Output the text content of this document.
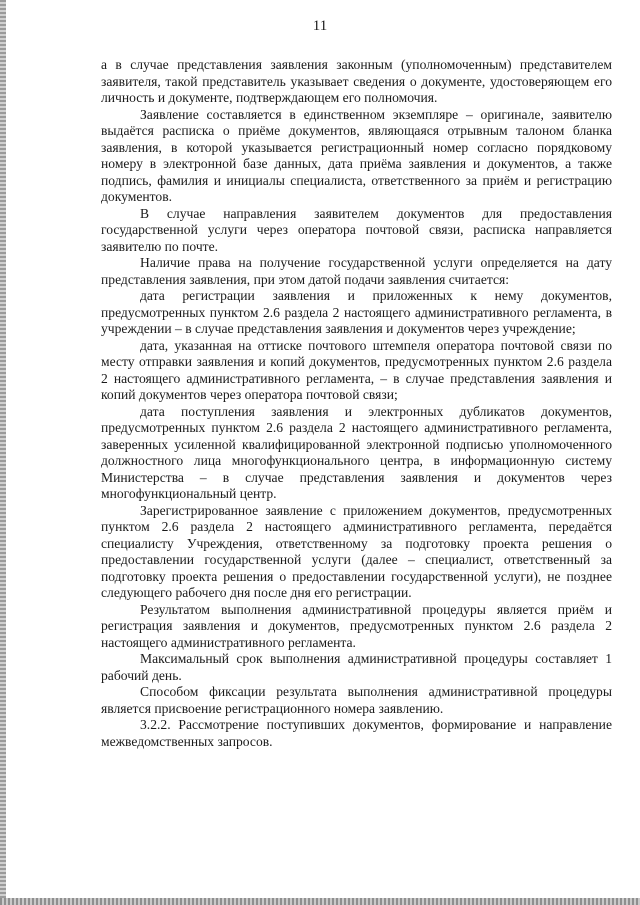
11

а в случае представления заявления законным (уполномоченным) представителем заявителя, такой представитель указывает сведения о документе, удостоверяющем его личность и документе, подтверждающем его полномочия.

Заявление составляется в единственном экземпляре – оригинале, заявителю выдаётся расписка о приёме документов, являющаяся отрывным талоном бланка заявления, в которой указывается регистрационный номер согласно порядковому номеру в электронной базе данных, дата приёма заявления и документов, а также подпись, фамилия и инициалы специалиста, ответственного за приём и регистрацию документов.

В случае направления заявителем документов для предоставления государственной услуги через оператора почтовой связи, расписка направляется заявителю по почте.

Наличие права на получение государственной услуги определяется на дату представления заявления, при этом датой подачи заявления считается:

дата регистрации заявления и приложенных к нему документов, предусмотренных пунктом 2.6 раздела 2 настоящего административного регламента, в учреждении – в случае представления заявления и документов через учреждение;

дата, указанная на оттиске почтового штемпеля оператора почтовой связи по месту отправки заявления и копий документов, предусмотренных пунктом 2.6 раздела 2 настоящего административного регламента, – в случае представления заявления и копий документов через оператора почтовой связи;

дата поступления заявления и электронных дубликатов документов, предусмотренных пунктом 2.6 раздела 2 настоящего административного регламента, заверенных усиленной квалифицированной электронной подписью уполномоченного должностного лица многофункционального центра, в информационную систему Министерства – в случае представления заявления и документов через многофункциональный центр.

Зарегистрированное заявление с приложением документов, предусмотренных пунктом 2.6 раздела 2 настоящего административного регламента, передаётся специалисту Учреждения, ответственному за подготовку проекта решения о предоставлении государственной услуги (далее – специалист, ответственный за подготовку проекта решения о предоставлении государственной услуги), не позднее следующего рабочего дня после дня его регистрации.

Результатом выполнения административной процедуры является приём и регистрация заявления и документов, предусмотренных пунктом 2.6 раздела 2 настоящего административного регламента.

Максимальный срок выполнения административной процедуры составляет 1 рабочий день.

Способом фиксации результата выполнения административной процедуры является присвоение регистрационного номера заявлению.

3.2.2. Рассмотрение поступивших документов, формирование и направление межведомственных запросов.
